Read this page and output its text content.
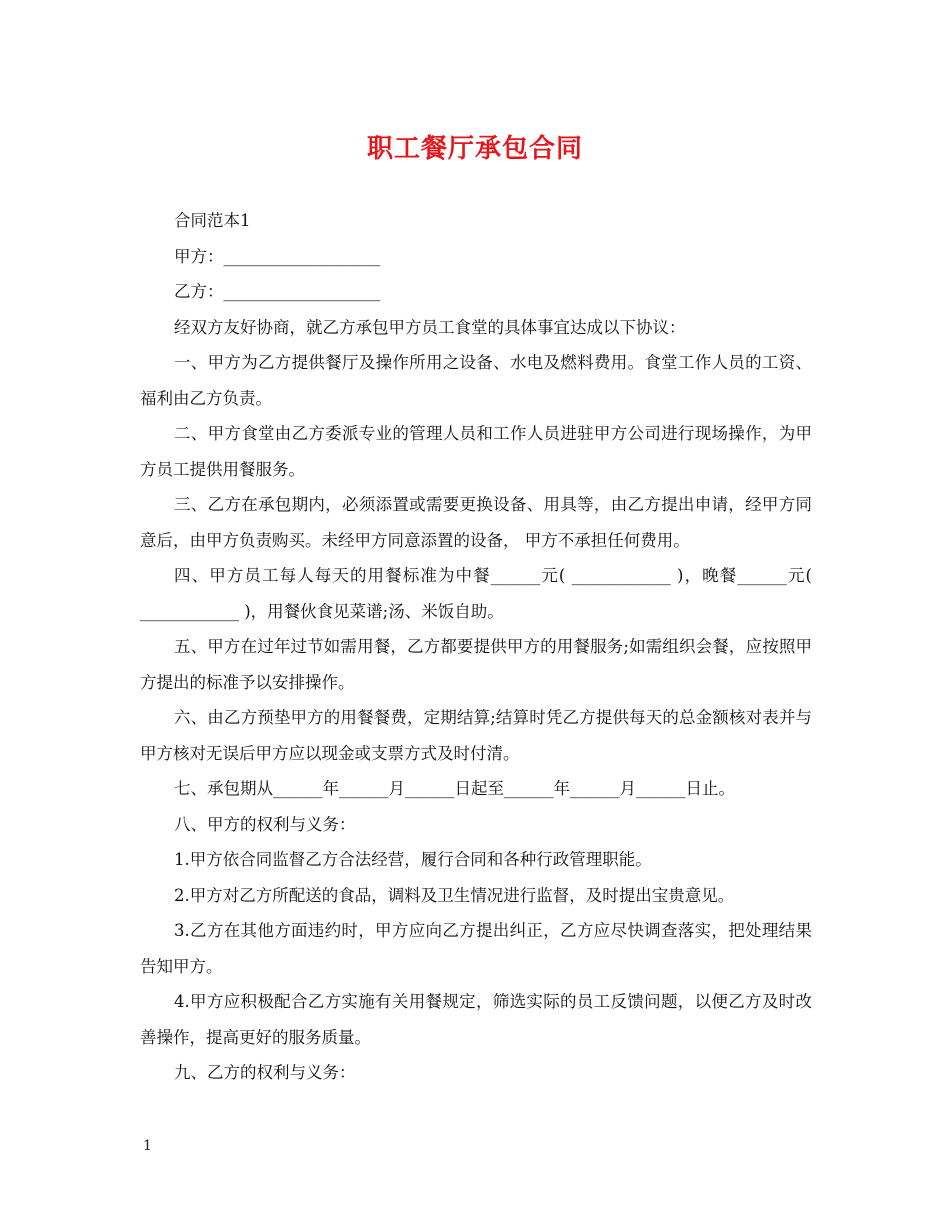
职工餐厅承包合同

合同范本1

甲方：___________________

乙方：___________________

经双方友好协商，就乙方承包甲方员工食堂的具体事宜达成以下协议：

一、甲方为乙方提供餐厅及操作所用之设备、水电及燃料费用。食堂工作人员的工资、福利由乙方负责。

二、甲方食堂由乙方委派专业的管理人员和工作人员进驻甲方公司进行现场操作，为甲方员工提供用餐服务。

三、乙方在承包期内，必须添置或需要更换设备、用具等，由乙方提出申请，经甲方同意后，由甲方负责购买。未经甲方同意添置的设备， 甲方不承担任何费用。

四、甲方员工每人每天的用餐标准为中餐______元( ____________ )，晚餐______元( ____________ )，用餐伙食见菜谱;汤、米饭自助。

五、甲方在过年过节如需用餐，乙方都要提供甲方的用餐服务;如需组织会餐，应按照甲方提出的标准予以安排操作。

六、由乙方预垫甲方的用餐餐费，定期结算;结算时凭乙方提供每天的总金额核对表并与甲方核对无误后甲方应以现金或支票方式及时付清。

七、承包期从______年______月______日起至______年______月______日止。

八、甲方的权利与义务：

1.甲方依合同监督乙方合法经营，履行合同和各种行政管理职能。

2.甲方对乙方所配送的食品，调料及卫生情况进行监督，及时提出宝贵意见。

3.乙方在其他方面违约时，甲方应向乙方提出纠正，乙方应尽快调查落实，把处理结果告知甲方。

4.甲方应积极配合乙方实施有关用餐规定，筛选实际的员工反馈问题，以便乙方及时改善操作，提高更好的服务质量。

九、乙方的权利与义务：

1
